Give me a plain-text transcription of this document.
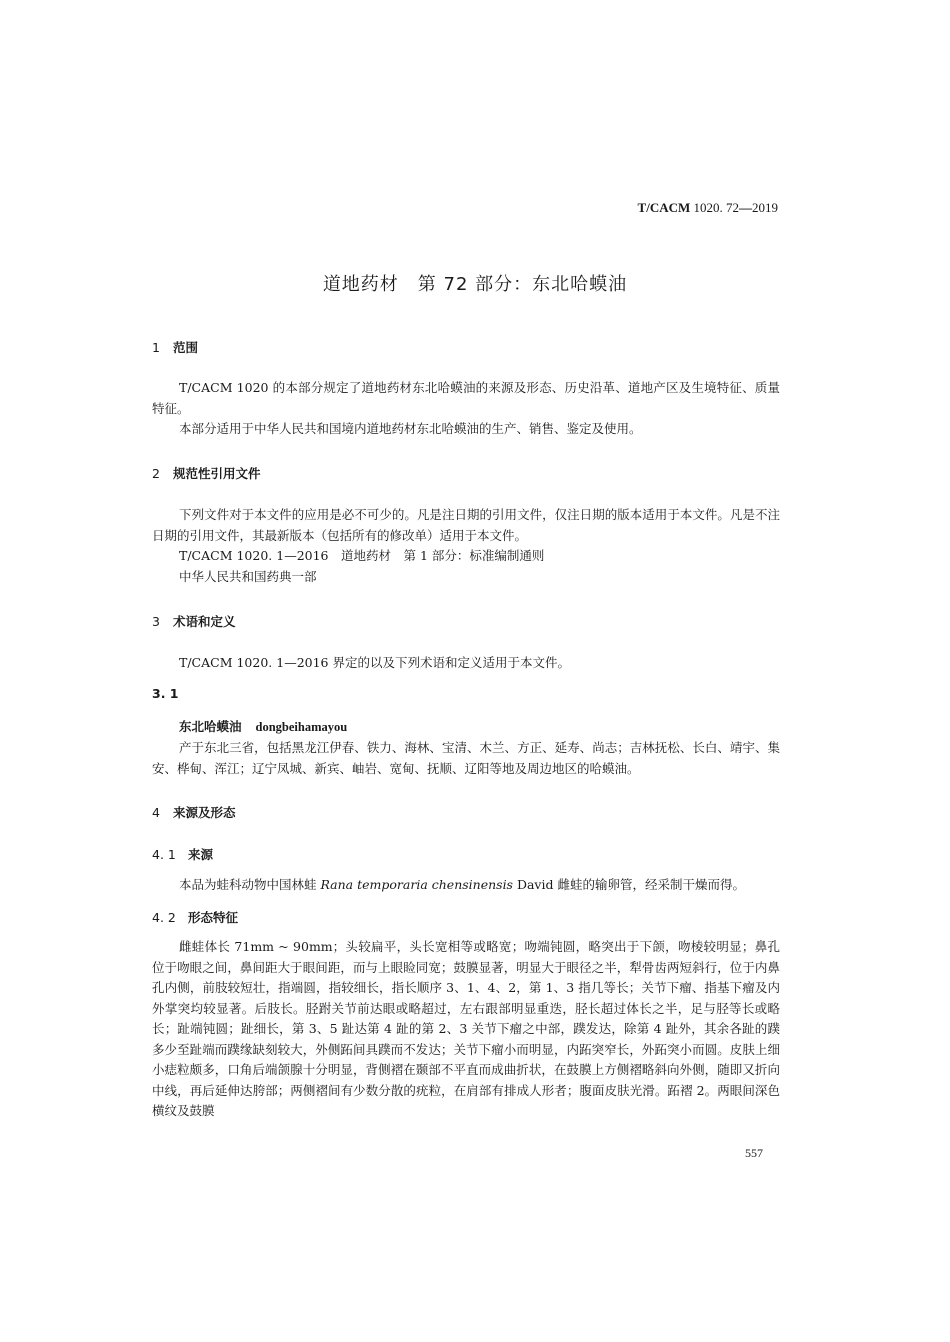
T/CACM 1020. 72—2019
道地药材　第 72 部分：东北哈蟆油
1 范围

T/CACM 1020 的本部分规定了道地药材东北哈蟆油的来源及形态、历史沿革、道地产区及生境特征、质量特征。

本部分适用于中华人民共和国境内道地药材东北哈蟆油的生产、销售、鉴定及使用。

2 规范性引用文件

下列文件对于本文件的应用是必不可少的。凡是注日期的引用文件，仅注日期的版本适用于本文件。凡是不注日期的引用文件，其最新版本（包括所有的修改单）适用于本文件。

T/CACM 1020. 1—2016　道地药材　第 1 部分：标准编制通则

中华人民共和国药典一部

3 术语和定义

T/CACM 1020. 1—2016 界定的以及下列术语和定义适用于本文件。

3. 1
东北哈蟆油 dongbeihamayou

产于东北三省，包括黑龙江伊春、铁力、海林、宝清、木兰、方正、延寿、尚志；吉林抚松、长白、靖宇、集安、桦甸、浑江；辽宁凤城、新宾、岫岩、宽甸、抚顺、辽阳等地及周边地区的哈蟆油。

4 来源及形态
4. 1 来源

本品为蛙科动物中国林蛙 Rana temporaria chensinensis David 雌蛙的输卵管，经采制干燥而得。

4. 2 形态特征

雌蛙体长 71mm ~ 90mm；头较扁平，头长宽相等或略宽；吻端钝圆，略突出于下颌，吻棱较明显；鼻孔位于吻眼之间，鼻间距大于眼间距，而与上眼睑同宽；鼓膜显著，明显大于眼径之半，犁骨齿两短斜行，位于内鼻孔内侧，前肢较短壮，指端圆，指较细长，指长顺序 3、1、4、2，第 1、3 指几等长；关节下瘤、指基下瘤及内外掌突均较显著。后肢长。胫跗关节前达眼或略超过，左右跟部明显重迭，胫长超过体长之半，足与胫等长或略长；趾端钝圆；趾细长，第 3、5 趾达第 4 趾的第 2、3 关节下瘤之中部，蹼发达，除第 4 趾外，其余各趾的蹼多少至趾端而蹼缘缺刻较大，外侧跖间具蹼而不发达；关节下瘤小而明显，内跖突窄长，外跖突小而圆。皮肤上细小痣粒颇多，口角后端颌腺十分明显，背侧褶在颞部不平直而成曲折状，在鼓膜上方侧褶略斜向外侧，随即又折向中线，再后延伸达胯部；两侧褶间有少数分散的疣粒，在肩部有排成人形者；腹面皮肤光滑。跖褶 2。两眼间深色横纹及鼓膜

557
